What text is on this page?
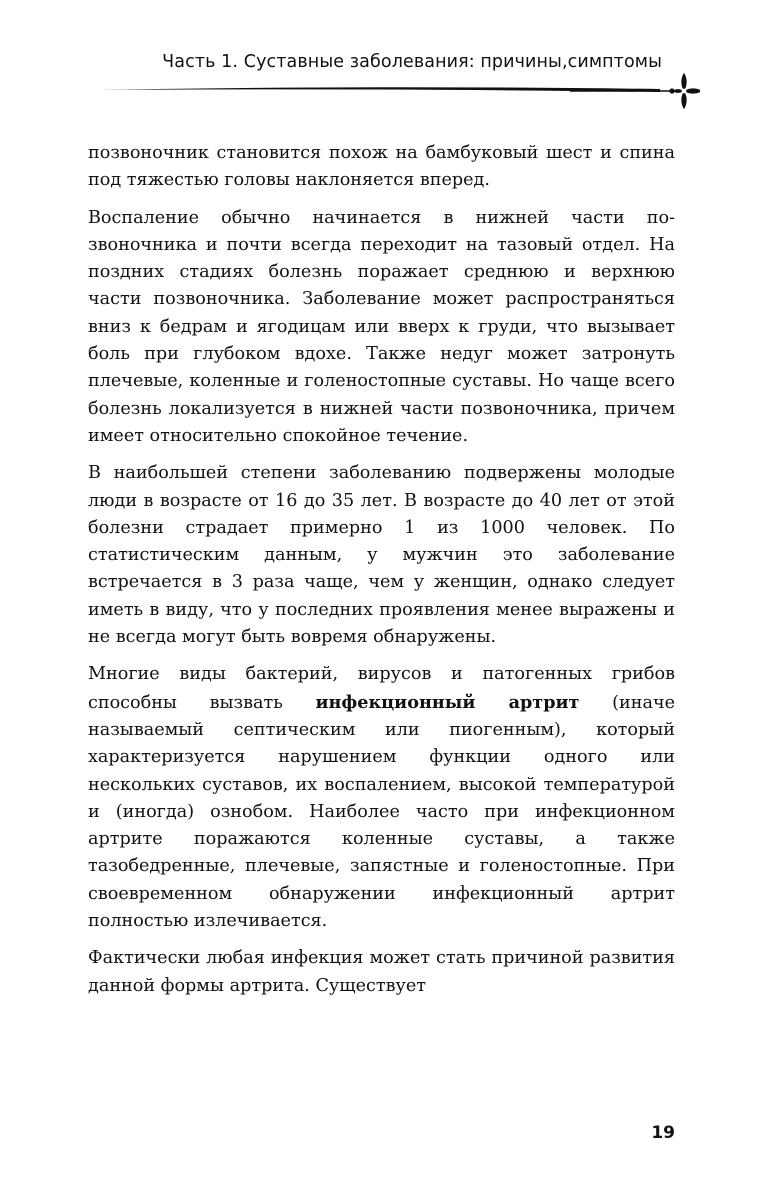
Часть 1. Суставные заболевания: причины,симптомы

позвоночник становится похож на бамбуковый шест и спина под тяжестью головы наклоняется вперед.

Воспаление обычно начинается в нижней части позвоночника и почти всегда переходит на тазовый отдел. На поздних стадиях болезнь поражает среднюю и верхнюю части позвоночника. Заболевание может распространяться вниз к бедрам и ягодицам или вверх к груди, что вызывает боль при глубоком вдохе. Также недуг может затронуть плечевые, коленные и голеностопные суставы. Но чаще всего болезнь локализуется в нижней части позвоночника, причем имеет относительно спокойное течение.

В наибольшей степени заболеванию подвержены молодые люди в возрасте от 16 до 35 лет. В возрасте до 40 лет от этой болезни страдает примерно 1 из 1000 человек. По статистическим данным, у мужчин это заболевание встречается в 3 раза чаще, чем у женщин, однако следует иметь в виду, что у последних проявления менее выражены и не всегда могут быть вовремя обнаружены.

Многие виды бактерий, вирусов и патогенных грибов способны вызвать инфекционный артрит (иначе называемый септическим или пиогенным), который характеризуется нарушением функции одного или нескольких суставов, их воспалением, высокой температурой и (иногда) ознобом. Наиболее часто при инфекционном артрите поражаются коленные суставы, а также тазобедренные, плечевые, запястные и голеностопные. При своевременном обнаружении инфекционный артрит полностью излечивается.

Фактически любая инфекция может стать причиной развития данной формы артрита. Существует

19
